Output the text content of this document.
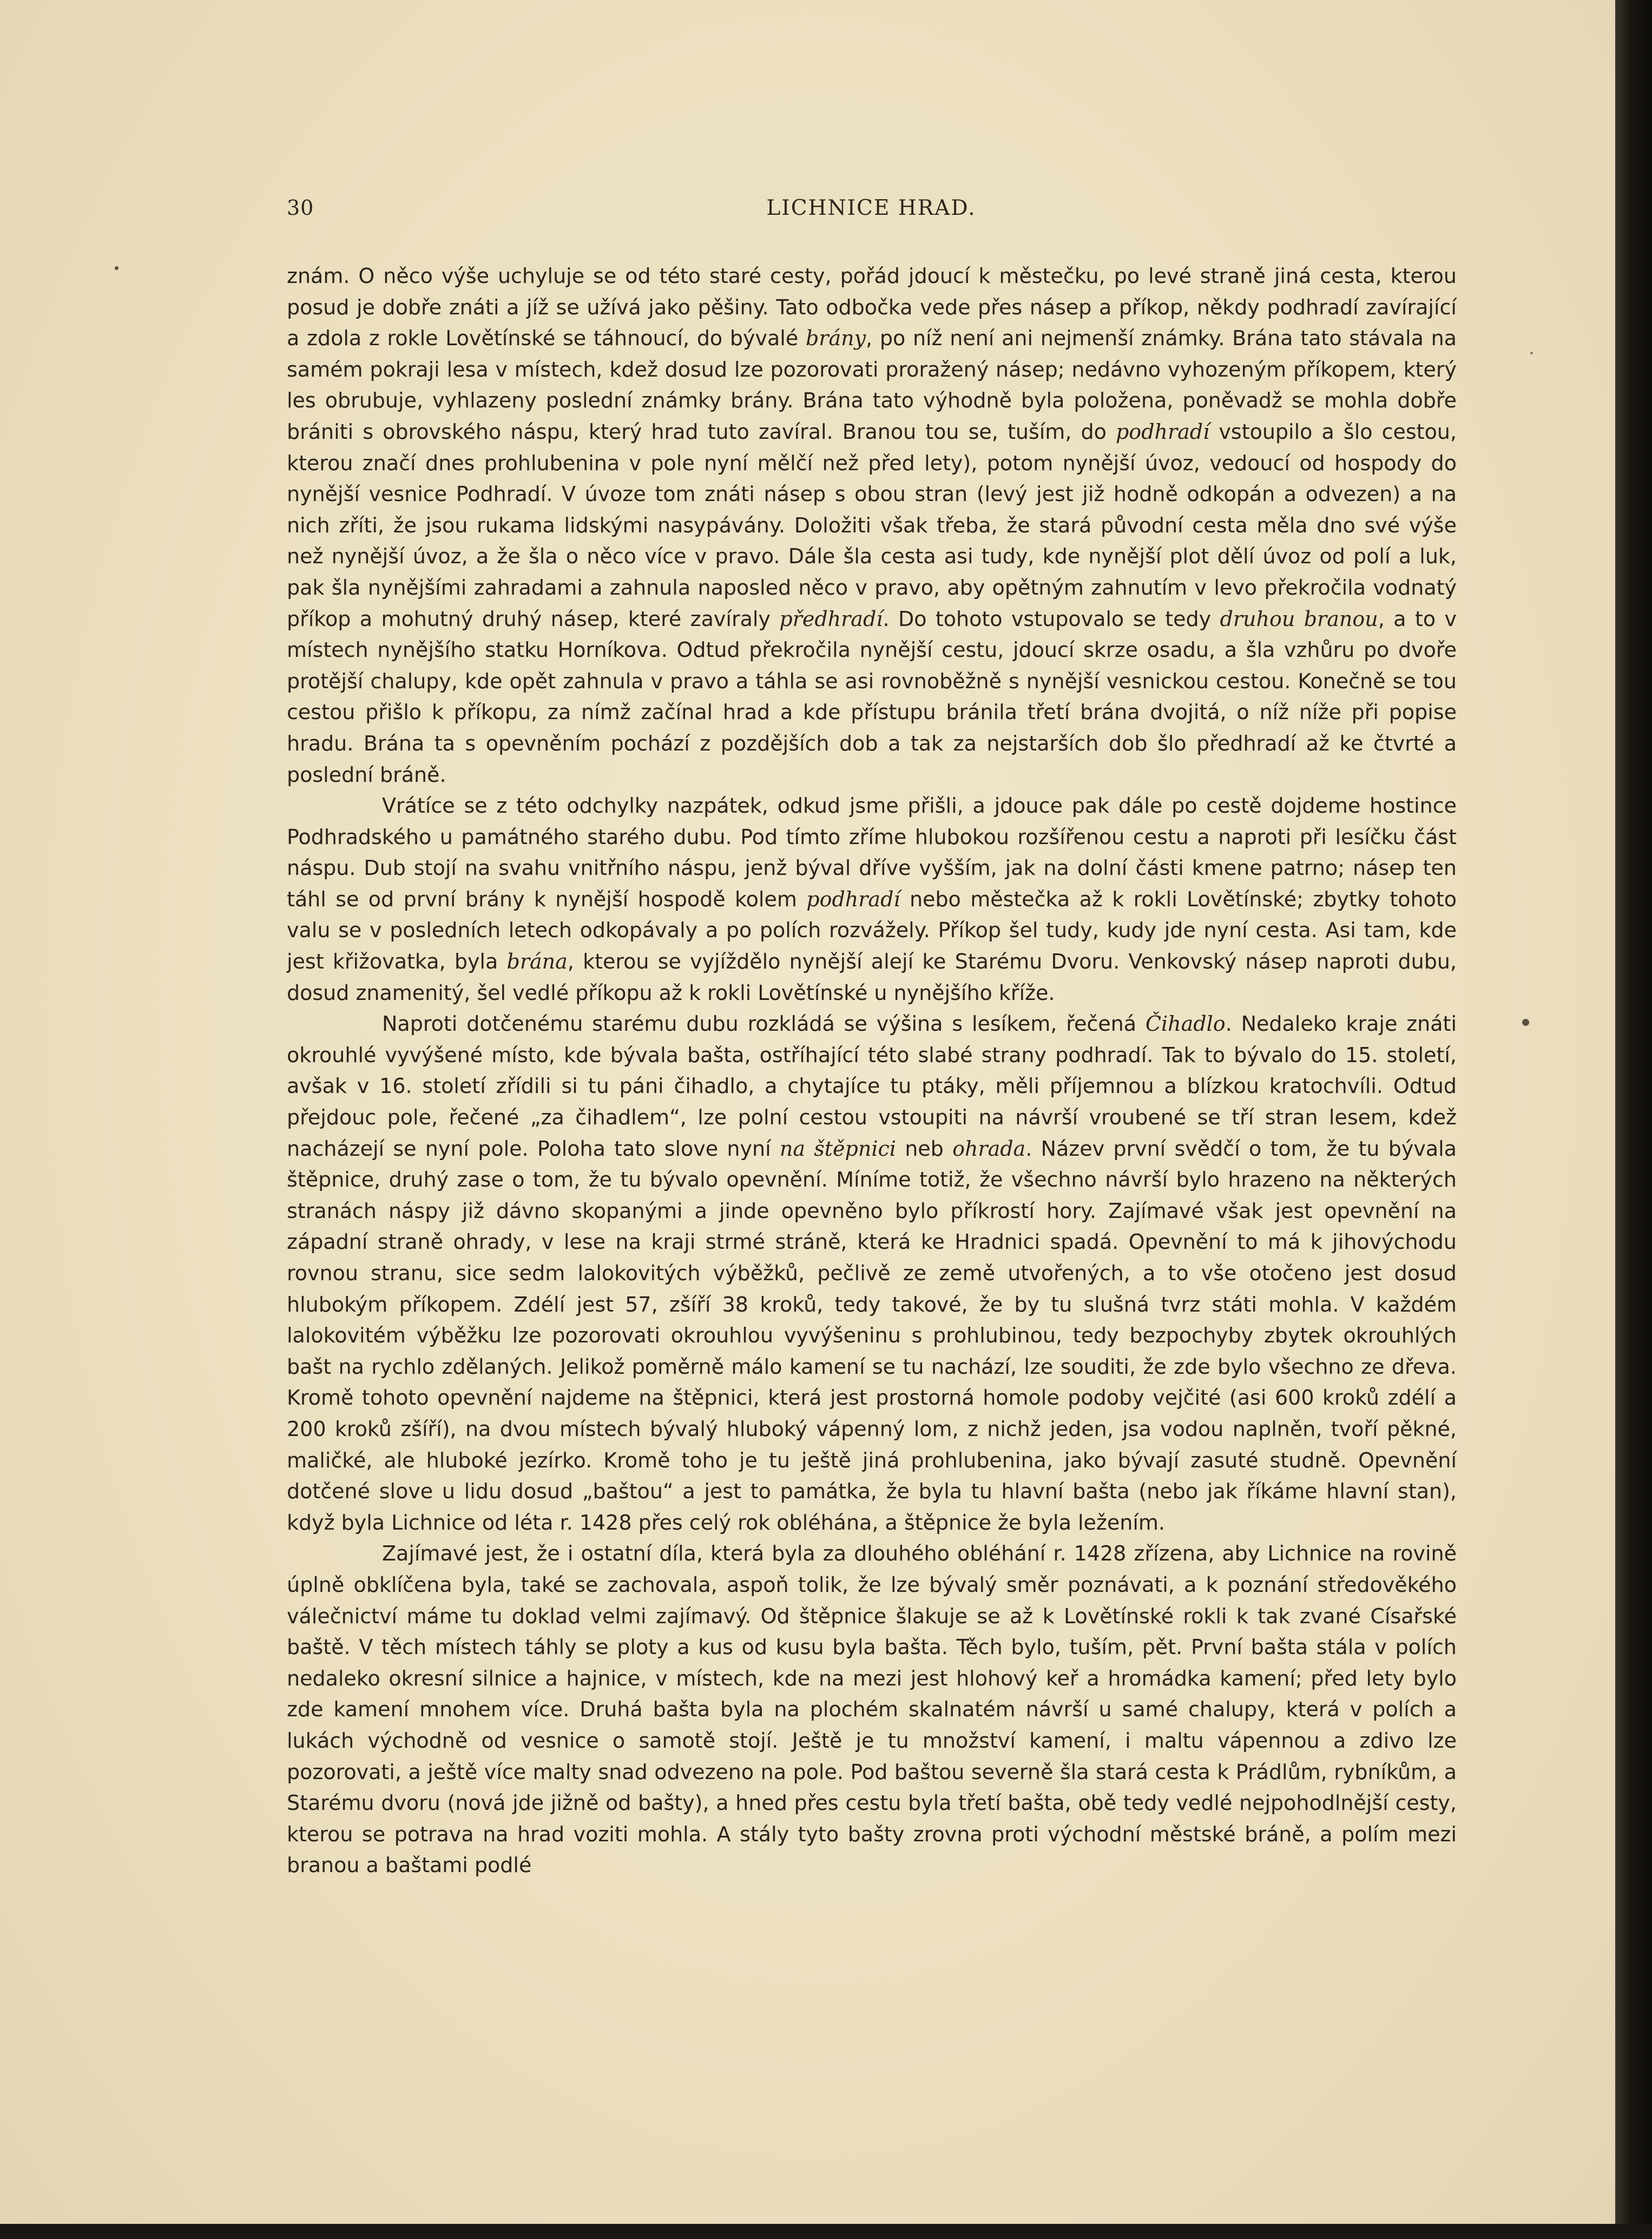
30	LICHNICE HRAD.

znám. O něco výše uchyluje se od této staré cesty, pořád jdoucí k městečku, po levé straně jiná cesta, kterou posud je dobře znáti a jíž se užívá jako pěšiny. Tato odbočka vede přes násep a příkop, někdy podhradí zavírající a zdola z rokle Lovětínské se táhnoucí, do bývalé brány, po níž není ani nejmenší známky. Brána tato stávala na samém pokraji lesa v místech, kdež dosud lze pozorovati proražený násep; nedávno vyhozeným příkopem, který les obrubuje, vyhlazeny poslední známky brány. Brána tato výhodně byla položena, poněvadž se mohla dobře brániti s obrovského náspu, který hrad tuto zavíral. Branou tou se, tuším, do podhradí vstoupilo a šlo cestou, kterou značí dnes prohlubenina v pole nyní mělčí než před lety), potom nynější úvoz, vedoucí od hospody do nynější vesnice Podhradí. V úvoze tom znáti násep s obou stran (levý jest již hodně odkopán a odvezen) a na nich zříti, že jsou rukama lidskými nasypávány. Doložiti však třeba, že stará původní cesta měla dno své výše než nynější úvoz, a že šla o něco více v pravo. Dále šla cesta asi tudy, kde nynější plot dělí úvoz od polí a luk, pak šla nynějšími zahradami a zahnula naposled něco v pravo, aby opětným zahnutím v levo překročila vodnatý příkop a mohutný druhý násep, které zavíraly předhradí. Do tohoto vstupovalo se tedy druhou branou, a to v místech nynějšího statku Horníkova. Odtud překročila nynější cestu, jdoucí skrze osadu, a šla vzhůru po dvoře protější chalupy, kde opět zahnula v pravo a táhla se asi rovnoběžně s nynější vesnickou cestou. Konečně se tou cestou přišlo k příkopu, za nímž začínal hrad a kde přístupu bránila třetí brána dvojitá, o níž níže při popise hradu. Brána ta s opevněním pochází z pozdějších dob a tak za nejstarších dob šlo předhradí až ke čtvrté a poslední bráně.

Vrátíce se z této odchylky nazpátek, odkud jsme přišli, a jdouce pak dále po cestě dojdeme hostince Podhradského u památného starého dubu. Pod tímto zříme hlubokou rozšířenou cestu a naproti při lesíčku část náspu. Dub stojí na svahu vnitřního náspu, jenž býval dříve vyšším, jak na dolní části kmene patrno; násep ten táhl se od první brány k nynější hospodě kolem podhradí nebo městečka až k rokli Lovětínské; zbytky tohoto valu se v posledních letech odkopávaly a po polích rozvážely. Příkop šel tudy, kudy jde nyní cesta. Asi tam, kde jest křižovatka, byla brána, kterou se vyjíždělo nynější alejí ke Starému Dvoru. Venkovský násep naproti dubu, dosud znamenitý, šel vedlé příkopu až k rokli Lovětínské u nynějšího kříže.

Naproti dotčenému starému dubu rozkládá se výšina s lesíkem, řečená Čihadlo. Nedaleko kraje znáti okrouhlé vyvýšené místo, kde bývala bašta, ostříhající této slabé strany podhradí. Tak to bývalo do 15. století, avšak v 16. století zřídili si tu páni čihadlo, a chytajíce tu ptáky, měli příjemnou a blízkou kratochvíli. Odtud přejdouc pole, řečené „za čihadlem“, lze polní cestou vstoupiti na návrší vroubené se tří stran lesem, kdež nacházejí se nyní pole. Poloha tato slove nyní na štěpnici neb ohrada. Název první svědčí o tom, že tu bývala štěpnice, druhý zase o tom, že tu bývalo opevnění. Míníme totiž, že všechno návrší bylo hrazeno na některých stranách náspy již dávno skopanými a jinde opevněno bylo příkrostí hory. Zajímavé však jest opevnění na západní straně ohrady, v lese na kraji strmé stráně, která ke Hradnici spadá. Opevnění to má k jihovýchodu rovnou stranu, sice sedm lalokovitých výběžků, pečlivě ze země utvořených, a to vše otočeno jest dosud hlubokým příkopem. Zdélí jest 57, zšíří 38 kroků, tedy takové, že by tu slušná tvrz státi mohla. V každém lalokovitém výběžku lze pozorovati okrouhlou vyvýšeninu s prohlubinou, tedy bezpochyby zbytek okrouhlých bašt na rychlo zdělaných. Jelikož poměrně málo kamení se tu nachází, lze souditi, že zde bylo všechno ze dřeva. Kromě tohoto opevnění najdeme na štěpnici, která jest prostorná homole podoby vejčité (asi 600 kroků zdélí a 200 kroků zšíří), na dvou místech bývalý hluboký vápenný lom, z nichž jeden, jsa vodou naplněn, tvoří pěkné, maličké, ale hluboké jezírko. Kromě toho je tu ještě jiná prohlubenina, jako bývají zasuté studně. Opevnění dotčené slove u lidu dosud „baštou“ a jest to památka, že byla tu hlavní bašta (nebo jak říkáme hlavní stan), když byla Lichnice od léta r. 1428 přes celý rok obléhána, a štěpnice že byla ležením.

Zajímavé jest, že i ostatní díla, která byla za dlouhého obléhání r. 1428 zřízena, aby Lichnice na rovině úplně obklíčena byla, také se zachovala, aspoň tolik, že lze bývalý směr poznávati, a k poznání středověkého válečnictví máme tu doklad velmi zajímavý. Od štěpnice šlakuje se až k Lovětínské rokli k tak zvané Císařské baště. V těch místech táhly se ploty a kus od kusu byla bašta. Těch bylo, tuším, pět. První bašta stála v polích nedaleko okresní silnice a hajnice, v místech, kde na mezi jest hlohový keř a hromádka kamení; před lety bylo zde kamení mnohem více. Druhá bašta byla na plochém skalnatém návrší u samé chalupy, která v polích a lukách východně od vesnice o samotě stojí. Ještě je tu množství kamení, i maltu vápennou a zdivo lze pozorovati, a ještě více malty snad odvezeno na pole. Pod baštou severně šla stará cesta k Prádlům, rybníkům, a Starému dvoru (nová jde jižně od bašty), a hned přes cestu byla třetí bašta, obě tedy vedlé nejpohodlnější cesty, kterou se potrava na hrad voziti mohla. A stály tyto bašty zrovna proti východní městské bráně, a polím mezi branou a baštami podlé
